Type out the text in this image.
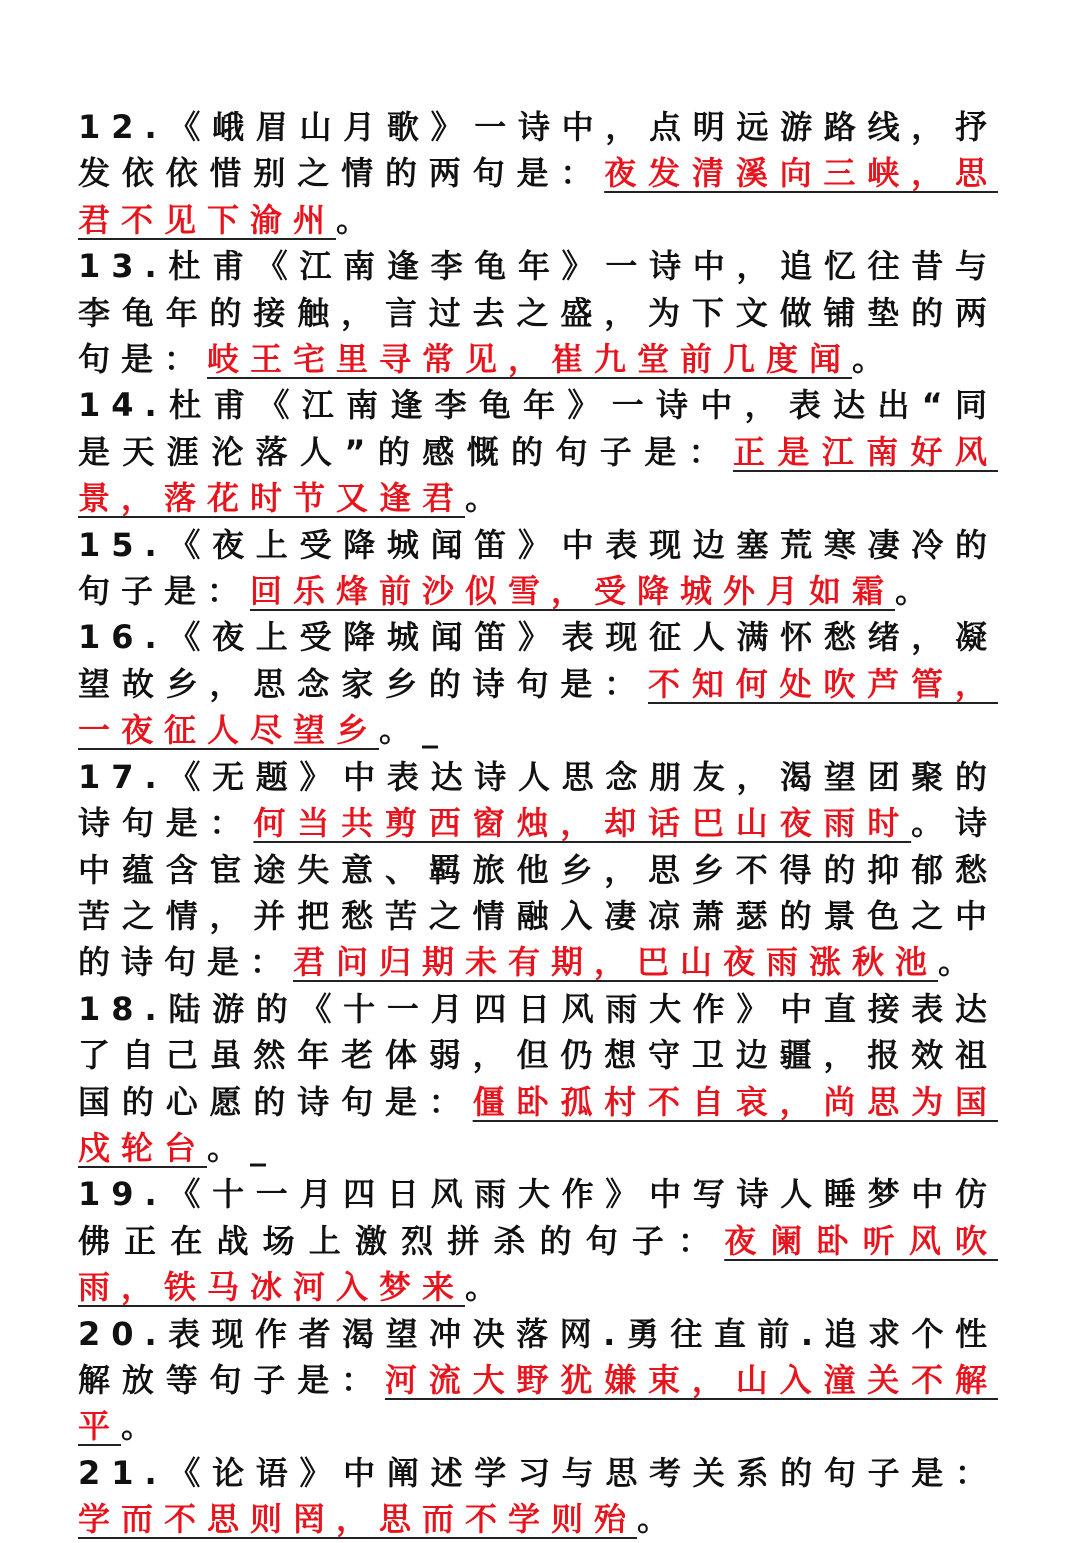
12.《峨眉山月歌》一诗中，点明远游路线，抒发依依惜别之情的两句是：夜发清溪向三峡，思君不见下渝州。

13.杜甫《江南逢李龟年》一诗中，追忆往昔与李龟年的接触，言过去之盛，为下文做铺垫的两句是：岐王宅里寻常见，崔九堂前几度闻。

14.杜甫《江南逢李龟年》一诗中，表达出“同是天涯沦落人”的感慨的句子是：正是江南好风景，落花时节又逢君。

15.《夜上受降城闻笛》中表现边塞荒寒凄冷的句子是：回乐烽前沙似雪，受降城外月如霜。

16.《夜上受降城闻笛》表现征人满怀愁绪，凝望故乡，思念家乡的诗句是：不知何处吹芦管，一夜征人尽望乡。_

17.《无题》中表达诗人思念朋友，渴望团聚的诗句是：何当共剪西窗烛，却话巴山夜雨时。诗中蕴含宦途失意、羁旅他乡，思乡不得的抑郁愁苦之情，并把愁苦之情融入凄凉萧瑟的景色之中的诗句是：君问归期未有期，巴山夜雨涨秋池。

18.陆游的《十一月四日风雨大作》中直接表达了自己虽然年老体弱，但仍想守卫边疆，报效祖国的心愿的诗句是：僵卧孤村不自哀，尚思为国戍轮台。_

19.《十一月四日风雨大作》中写诗人睡梦中仿佛正在战场上激烈拼杀的句子：夜阑卧听风吹雨，铁马冰河入梦来。

20.表现作者渴望冲决落网.勇往直前.追求个性解放等句子是：河流大野犹嫌束，山入潼关不解平。

21.《论语》中阐述学习与思考关系的句子是：学而不思则罔，思而不学则殆。
